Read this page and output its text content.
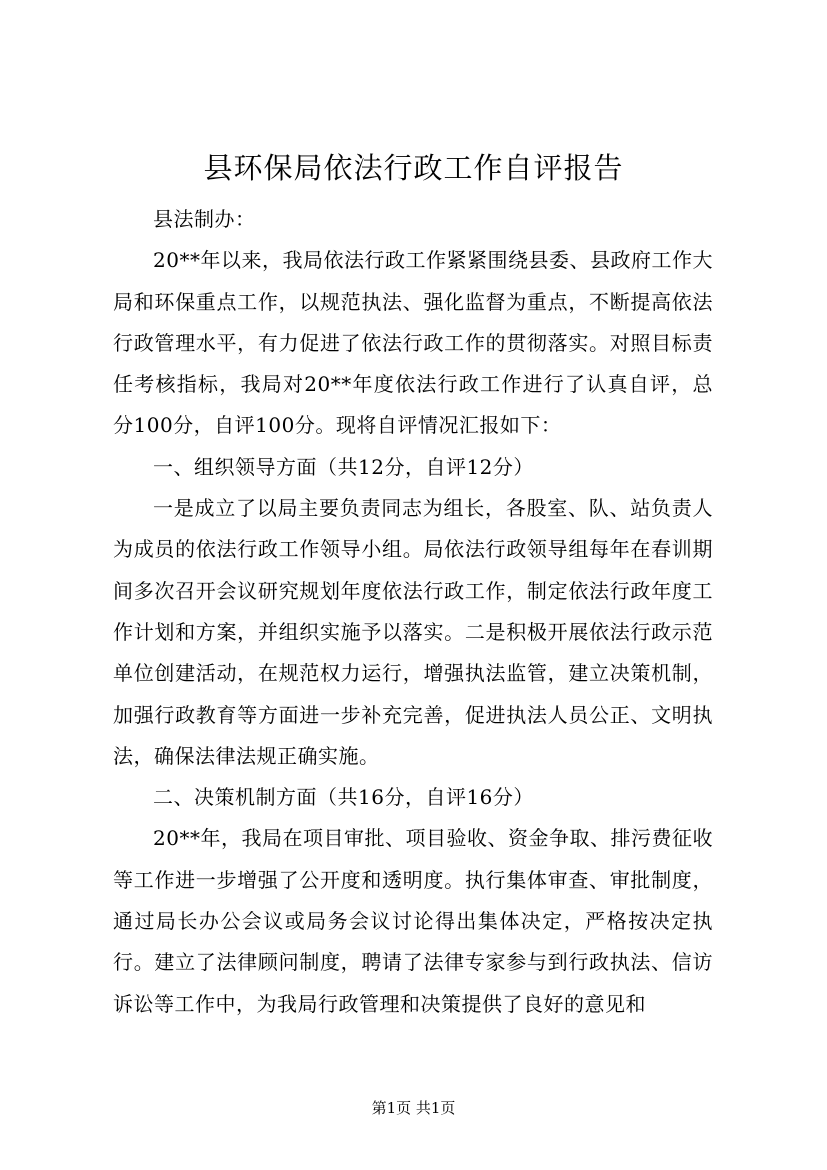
县环保局依法行政工作自评报告

县法制办：

20**年以来，我局依法行政工作紧紧围绕县委、县政府工作大局和环保重点工作，以规范执法、强化监督为重点，不断提高依法行政管理水平，有力促进了依法行政工作的贯彻落实。对照目标责任考核指标，我局对20**年度依法行政工作进行了认真自评，总分100分，自评100分。现将自评情况汇报如下：

一、组织领导方面（共12分，自评12分）

一是成立了以局主要负责同志为组长，各股室、队、站负责人为成员的依法行政工作领导小组。局依法行政领导组每年在春训期间多次召开会议研究规划年度依法行政工作，制定依法行政年度工作计划和方案，并组织实施予以落实。二是积极开展依法行政示范单位创建活动，在规范权力运行，增强执法监管，建立决策机制，加强行政教育等方面进一步补充完善，促进执法人员公正、文明执法，确保法律法规正确实施。

二、决策机制方面（共16分，自评16分）

20**年，我局在项目审批、项目验收、资金争取、排污费征收等工作进一步增强了公开度和透明度。执行集体审查、审批制度，通过局长办公会议或局务会议讨论得出集体决定，严格按决定执行。建立了法律顾问制度，聘请了法律专家参与到行政执法、信访诉讼等工作中，为我局行政管理和决策提供了良好的意见和

第1页 共1页
